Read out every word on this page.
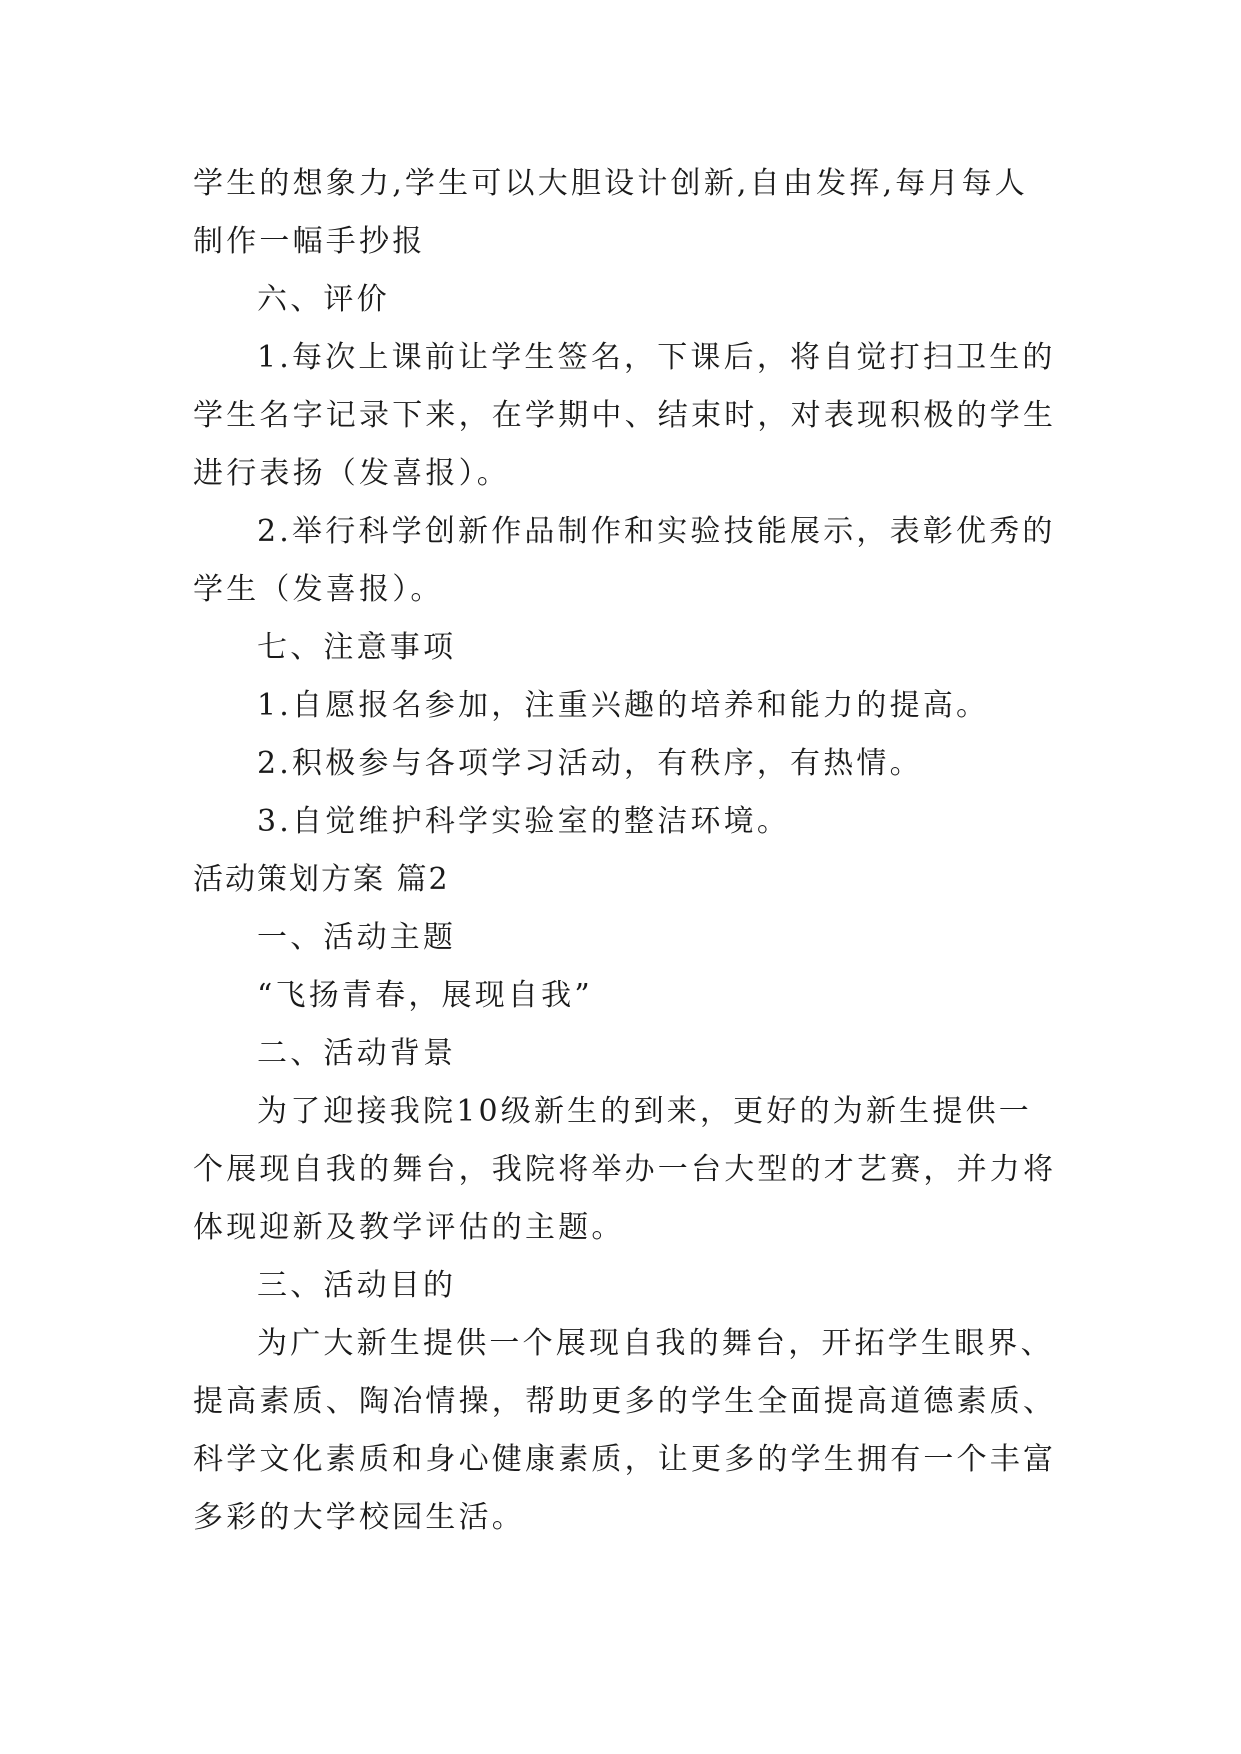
学生的想象力,学生可以大胆设计创新,自由发挥,每月每人
制作一幅手抄报
六、评价
1.每次上课前让学生签名，下课后，将自觉打扫卫生的
学生名字记录下来，在学期中、结束时，对表现积极的学生
进行表扬（发喜报）。
2.举行科学创新作品制作和实验技能展示，表彰优秀的
学生（发喜报）。
七、注意事项
1.自愿报名参加，注重兴趣的培养和能力的提高。
2.积极参与各项学习活动，有秩序，有热情。
3.自觉维护科学实验室的整洁环境。
活动策划方案 篇2
一、活动主题
“飞扬青春，展现自我”
二、活动背景
为了迎接我院10级新生的到来，更好的为新生提供一
个展现自我的舞台，我院将举办一台大型的才艺赛，并力将
体现迎新及教学评估的主题。
三、活动目的
为广大新生提供一个展现自我的舞台，开拓学生眼界、
提高素质、陶冶情操，帮助更多的学生全面提高道德素质、
科学文化素质和身心健康素质，让更多的学生拥有一个丰富
多彩的大学校园生活。
